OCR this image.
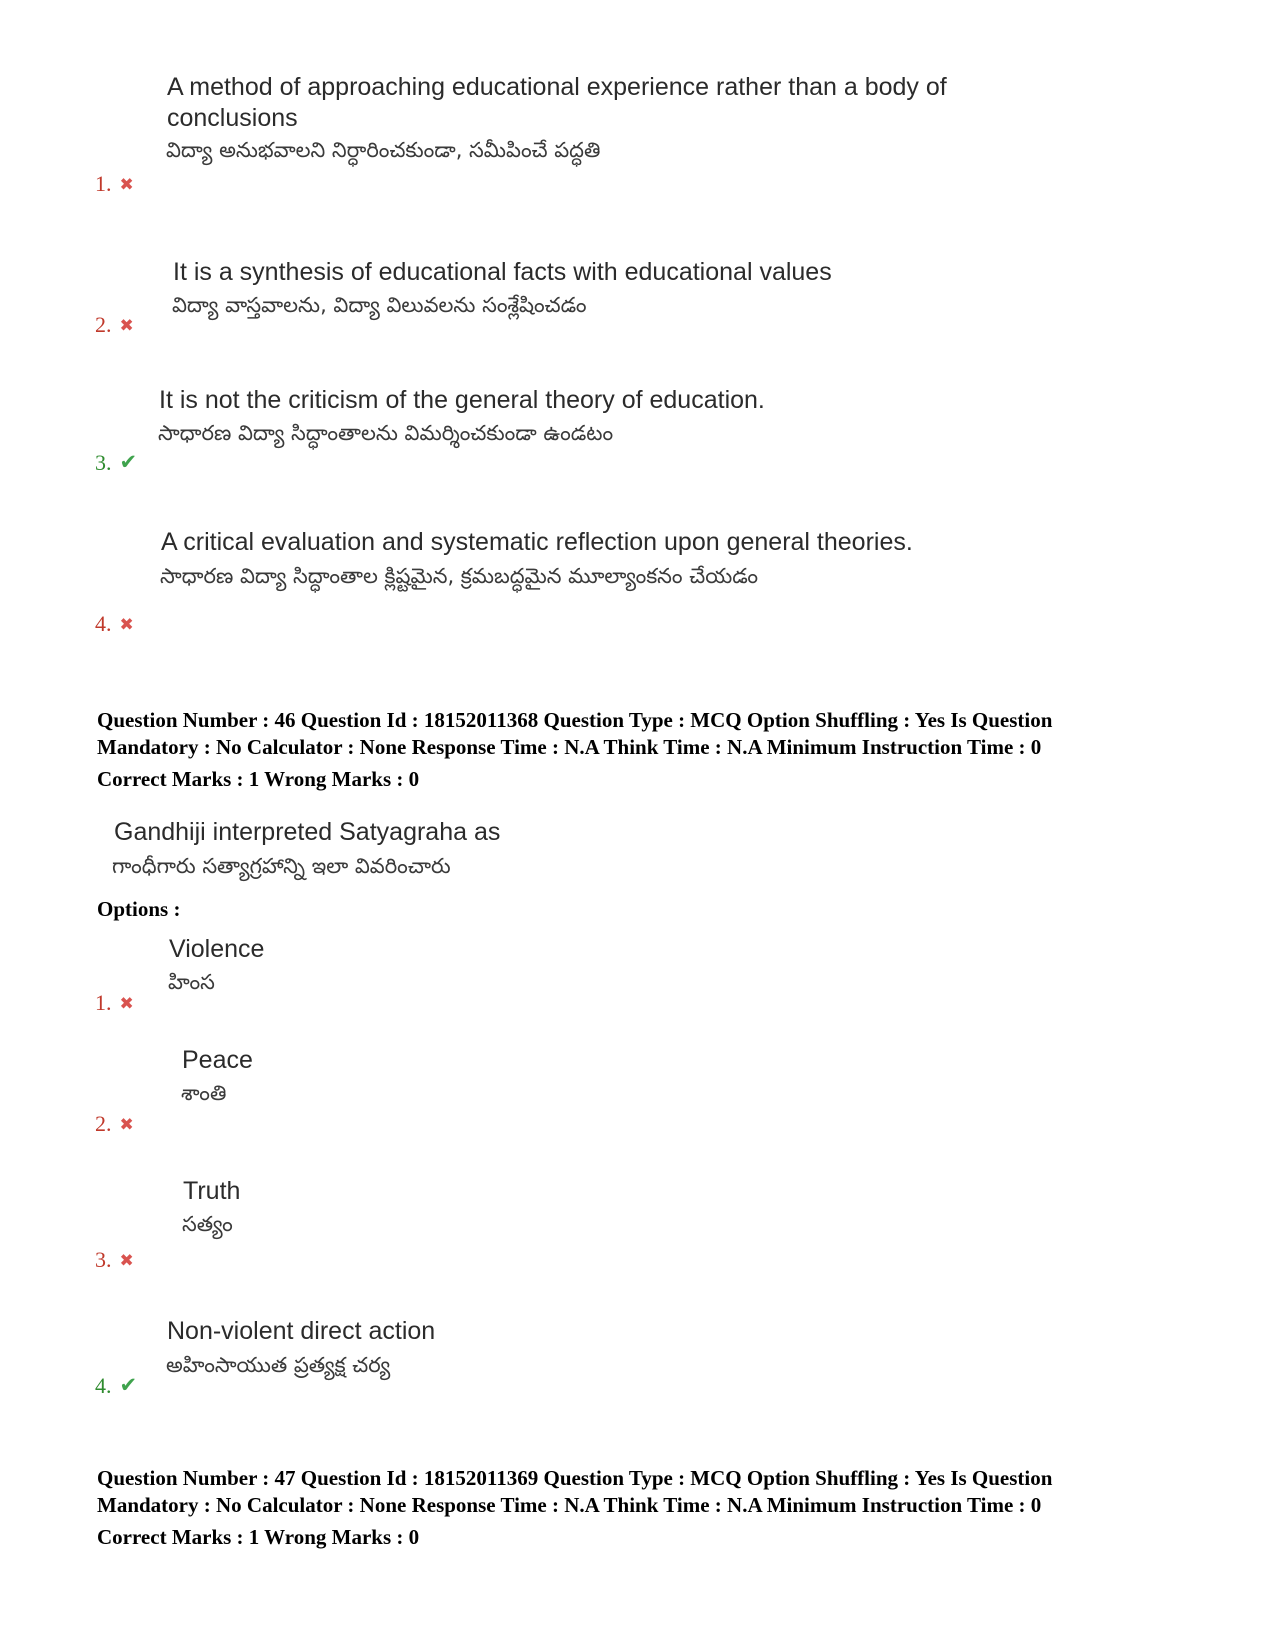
A method of approaching educational experience rather than a body of
conclusions
విద్యా అనుభవాలని నిర్ధారించకుండా, సమీపించే పద్ధతి
1. ✖
It is a synthesis of educational facts with educational values
విద్యా వాస్తవాలను, విద్యా విలువలను సంశ్లేషించడం
2. ✖
It is not the criticism of the general theory of education.
సాధారణ విద్యా సిద్ధాంతాలను విమర్శించకుండా ఉండటం
3. ✔
A critical evaluation and systematic reflection upon general theories.
సాధారణ విద్యా సిద్ధాంతాల క్లిష్టమైన, క్రమబద్ధమైన మూల్యాంకనం చేయడం
4. ✖
Question Number : 46 Question Id : 18152011368 Question Type : MCQ Option Shuffling : Yes Is Question
Mandatory : No Calculator : None Response Time : N.A Think Time : N.A Minimum Instruction Time : 0
Correct Marks : 1 Wrong Marks : 0
Gandhiji interpreted Satyagraha as
గాంధీగారు సత్యాగ్రహాన్ని ఇలా వివరించారు
Options :
Violence
హింస
1. ✖
Peace
శాంతి
2. ✖
Truth
సత్యం
3. ✖
Non-violent direct action
అహింసాయుత ప్రత్యక్ష చర్య
4. ✔
Question Number : 47 Question Id : 18152011369 Question Type : MCQ Option Shuffling : Yes Is Question
Mandatory : No Calculator : None Response Time : N.A Think Time : N.A Minimum Instruction Time : 0
Correct Marks : 1 Wrong Marks : 0
